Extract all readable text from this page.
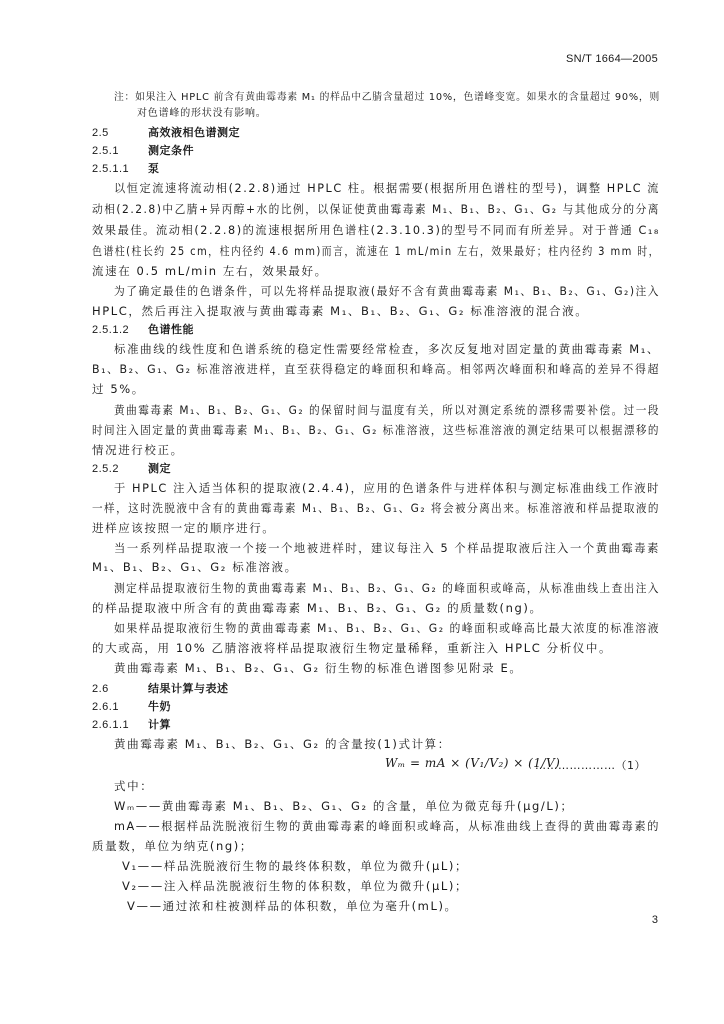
SN/T 1664—2005
注：如果注入 HPLC 前含有黄曲霉毒素 M₁ 的样品中乙腈含量超过 10%，色谱峰变宽。如果水的含量超过 90%，则
对色谱峰的形状没有影响。
2.5	高效液相色谱测定
2.5.1	测定条件
2.5.1.1 泵
以恒定流速将流动相(2.2.8)通过 HPLC 柱。根据需要(根据所用色谱柱的型号)，调整 HPLC 流
动相(2.2.8)中乙腈+异丙醇+水的比例，以保证使黄曲霉毒素 M₁、B₁、B₂、G₁、G₂ 与其他成分的分离
效果最佳。流动相(2.2.8)的流速根据所用色谱柱(2.3.10.3)的型号不同而有所差异。对于普通 C₁₈
色谱柱(柱长约 25 cm，柱内径约 4.6 mm)而言，流速在 1 mL/min 左右，效果最好；柱内径约 3 mm 时，
流速在 0.5 mL/min 左右，效果最好。
为了确定最佳的色谱条件，可以先将样品提取液(最好不含有黄曲霉毒素 M₁、B₁、B₂、G₁、G₂)注入
HPLC，然后再注入提取液与黄曲霉毒素 M₁、B₁、B₂、G₁、G₂ 标准溶液的混合液。
2.5.1.2 色谱性能
标准曲线的线性度和色谱系统的稳定性需要经常检查，多次反复地对固定量的黄曲霉毒素 M₁、
B₁、B₂、G₁、G₂ 标准溶液进样，直至获得稳定的峰面积和峰高。相邻两次峰面积和峰高的差异不得超
过 5%。
黄曲霉毒素 M₁、B₁、B₂、G₁、G₂ 的保留时间与温度有关，所以对测定系统的漂移需要补偿。过一段
时间注入固定量的黄曲霉毒素 M₁、B₁、B₂、G₁、G₂ 标准溶液，这些标准溶液的测定结果可以根据漂移的
情况进行校正。
2.5.2	测定
于 HPLC 注入适当体积的提取液(2.4.4)，应用的色谱条件与进样体积与测定标准曲线工作液时
一样，这时洗脱液中含有的黄曲霉毒素 M₁、B₁、B₂、G₁、G₂ 将会被分离出来。标准溶液和样品提取液的
进样应该按照一定的顺序进行。
当一系列样品提取液一个接一个地被进样时，建议每注入 5 个样品提取液后注入一个黄曲霉毒素
M₁、B₁、B₂、G₁、G₂ 标准溶液。
测定样品提取液衍生物的黄曲霉毒素 M₁、B₁、B₂、G₁、G₂ 的峰面积或峰高，从标准曲线上查出注入
的样品提取液中所含有的黄曲霉毒素 M₁、B₁、B₂、G₁、G₂ 的质量数(ng)。
如果样品提取液衍生物的黄曲霉毒素 M₁、B₁、B₂、G₁、G₂ 的峰面积或峰高比最大浓度的标准溶液
的大或高，用 10% 乙腈溶液将样品提取液衍生物定量稀释，重新注入 HPLC 分析仪中。
黄曲霉毒素 M₁、B₁、B₂、G₁、G₂ 衍生物的标准色谱图参见附录 E。
2.6	结果计算与表述
2.6.1	牛奶
2.6.1.1 计算
黄曲霉毒素 M₁、B₁、B₂、G₁、G₂ 的含量按(1)式计算：
Wₘ = mA × (V₁/V₂) × (1/V)
…………………（1）
式中：
Wₘ——黄曲霉毒素 M₁、B₁、B₂、G₁、G₂ 的含量，单位为微克每升(μg/L)；
mA——根据样品洗脱液衍生物的黄曲霉毒素的峰面积或峰高，从标准曲线上查得的黄曲霉毒素的
质量数，单位为纳克(ng)；
V₁——样品洗脱液衍生物的最终体积数，单位为微升(μL)；
V₂——注入样品洗脱液衍生物的体积数，单位为微升(μL)；
V——通过浓和柱被测样品的体积数，单位为毫升(mL)。
3
